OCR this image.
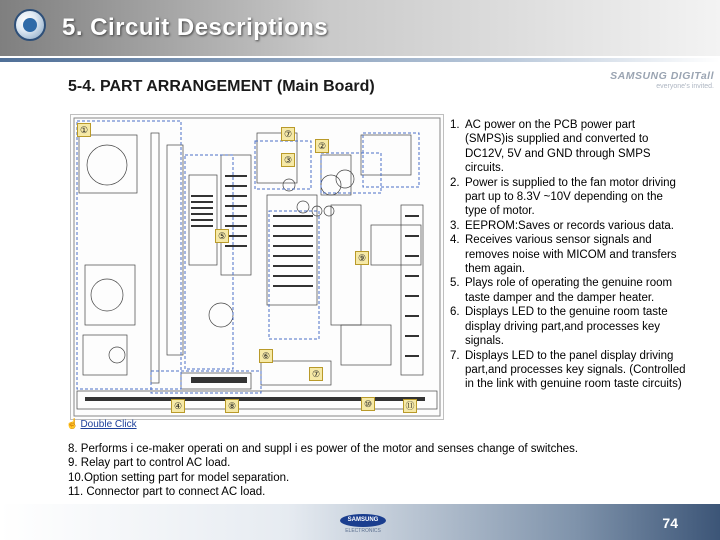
5. Circuit Descriptions
SAMSUNG DIGITall
everyone's invited.
5-4. PART ARRANGEMENT (Main Board)
①	⑦
②
③
④
⑤
⑥
⑦
⑧
⑨
⑩	⑪
☝ Double Click
1. AC power on the PCB power part (SMPS)is supplied and converted to DC12V, 5V and GND through SMPS circuits.
2. Power is supplied to the fan motor driving part up to 8.3V ~10V depending on the type of motor.
3. EEPROM:Saves or records various data.
4. Receives various sensor signals and removes noise with MICOM and transfers them again.
5. Plays role of operating the genuine room taste damper and the damper heater.
6. Displays LED to the genuine room taste display driving part,and processes key signals.
7. Displays LED to the panel display driving part,and processes key signals. (Controlled in the link with genuine room taste circuits)
8. Performs i ce-maker operati on and suppl i es power of the motor and senses change of switches.
9. Relay part to control AC load.
10.Option setting part for model separation.
11. Connector part to connect AC load.
SAMSUNG
ELECTRONICS	74
